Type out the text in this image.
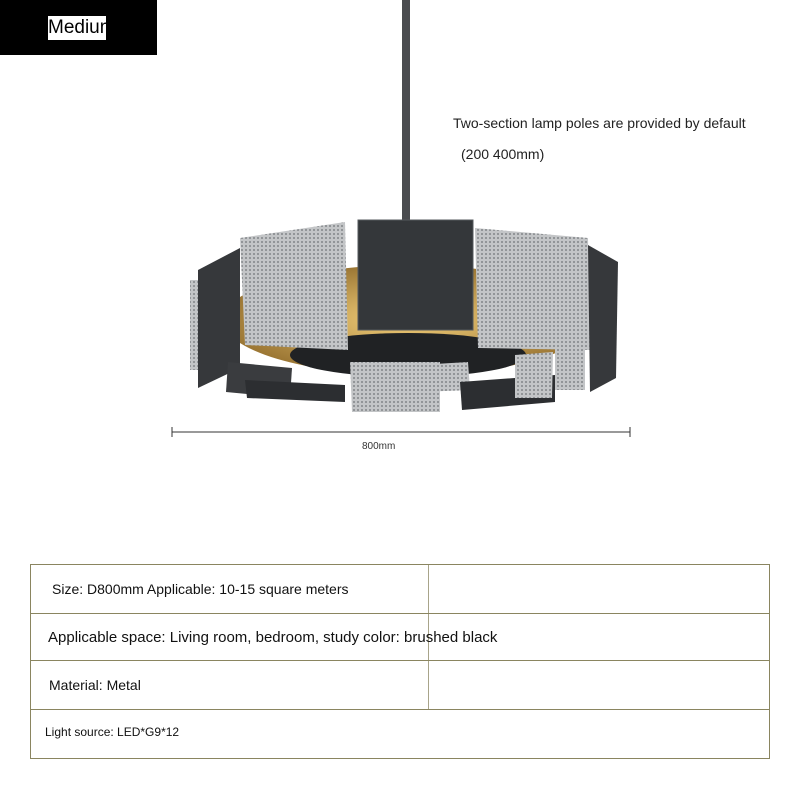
Medium
Two-section lamp poles are provided by default
(200 400mm)
800mm
Size: D800mm Applicable: 10-15 square meters
Applicable space: Living room, bedroom, study color: brushed black
Material: Metal
Light source: LED*G9*12
